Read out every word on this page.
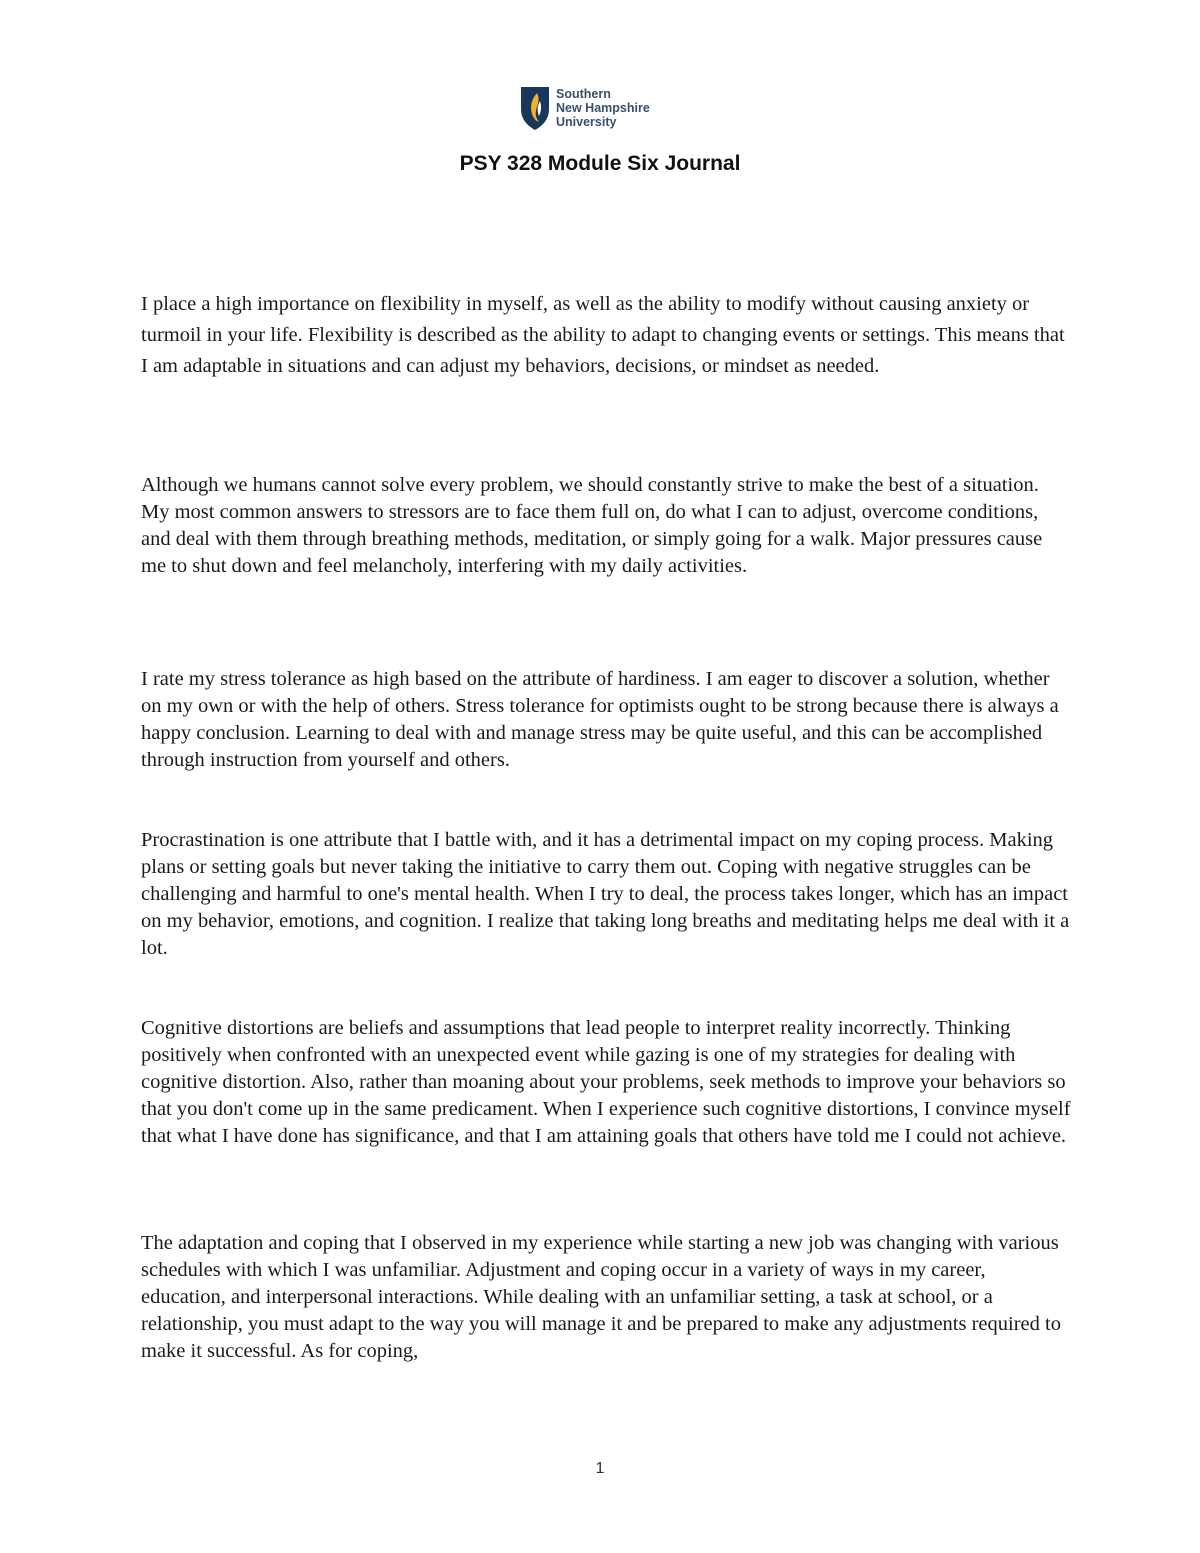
Southern
New Hampshire
University
PSY 328 Module Six Journal

I place a high importance on flexibility in myself, as well as the ability to modify without causing anxiety or turmoil in your life. Flexibility is described as the ability to adapt to changing events or settings. This means that I am adaptable in situations and can adjust my behaviors, decisions, or mindset as needed.

Although we humans cannot solve every problem, we should constantly strive to make the best of a situation. My most common answers to stressors are to face them full on, do what I can to adjust, overcome conditions, and deal with them through breathing methods, meditation, or simply going for a walk. Major pressures cause me to shut down and feel melancholy, interfering with my daily activities.

I rate my stress tolerance as high based on the attribute of hardiness. I am eager to discover a solution, whether on my own or with the help of others. Stress tolerance for optimists ought to be strong because there is always a happy conclusion. Learning to deal with and manage stress may be quite useful, and this can be accomplished through instruction from yourself and others.

Procrastination is one attribute that I battle with, and it has a detrimental impact on my coping process. Making plans or setting goals but never taking the initiative to carry them out. Coping with negative struggles can be challenging and harmful to one's mental health. When I try to deal, the process takes longer, which has an impact on my behavior, emotions, and cognition. I realize that taking long breaths and meditating helps me deal with it a lot.

Cognitive distortions are beliefs and assumptions that lead people to interpret reality incorrectly. Thinking positively when confronted with an unexpected event while gazing is one of my strategies for dealing with cognitive distortion. Also, rather than moaning about your problems, seek methods to improve your behaviors so that you don't come up in the same predicament. When I experience such cognitive distortions, I convince myself that what I have done has significance, and that I am attaining goals that others have told me I could not achieve.

The adaptation and coping that I observed in my experience while starting a new job was changing with various schedules with which I was unfamiliar. Adjustment and coping occur in a variety of ways in my career, education, and interpersonal interactions. While dealing with an unfamiliar setting, a task at school, or a relationship, you must adapt to the way you will manage it and be prepared to make any adjustments required to make it successful. As for coping,

1
